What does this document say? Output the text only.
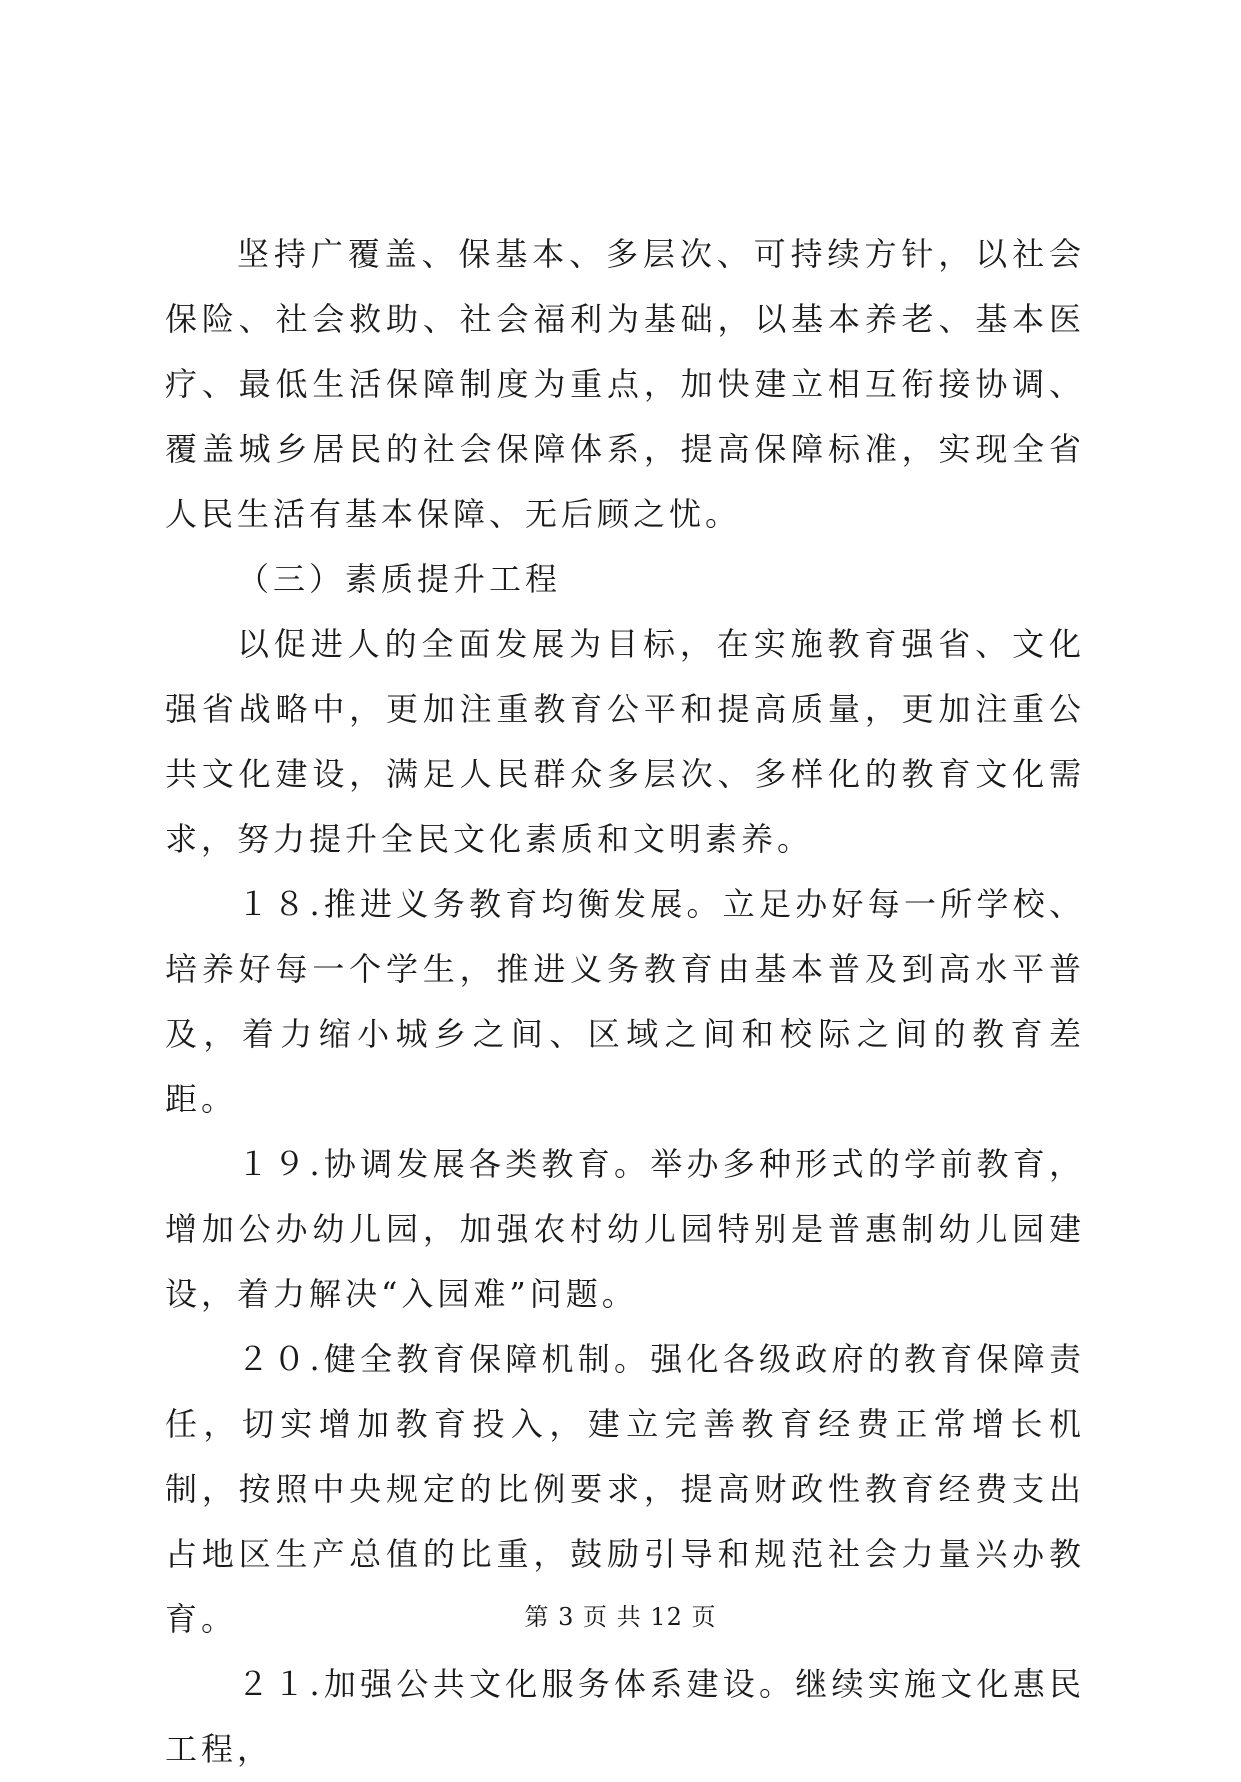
坚持广覆盖、保基本、多层次、可持续方针，以社会保险、社会救助、社会福利为基础，以基本养老、基本医疗、最低生活保障制度为重点，加快建立相互衔接协调、覆盖城乡居民的社会保障体系，提高保障标准，实现全省人民生活有基本保障、无后顾之忧。

（三）素质提升工程

以促进人的全面发展为目标，在实施教育强省、文化强省战略中，更加注重教育公平和提高质量，更加注重公共文化建设，满足人民群众多层次、多样化的教育文化需求，努力提升全民文化素质和文明素养。

１８.推进义务教育均衡发展。立足办好每一所学校、培养好每一个学生，推进义务教育由基本普及到高水平普及，着力缩小城乡之间、区域之间和校际之间的教育差距。

１９.协调发展各类教育。举办多种形式的学前教育，增加公办幼儿园，加强农村幼儿园特别是普惠制幼儿园建设，着力解决“入园难”问题。

２０.健全教育保障机制。强化各级政府的教育保障责任，切实增加教育投入，建立完善教育经费正常增长机制，按照中央规定的比例要求，提高财政性教育经费支出占地区生产总值的比重，鼓励引导和规范社会力量兴办教育。

２１.加强公共文化服务体系建设。继续实施文化惠民工程，

第 3 页 共 12 页
